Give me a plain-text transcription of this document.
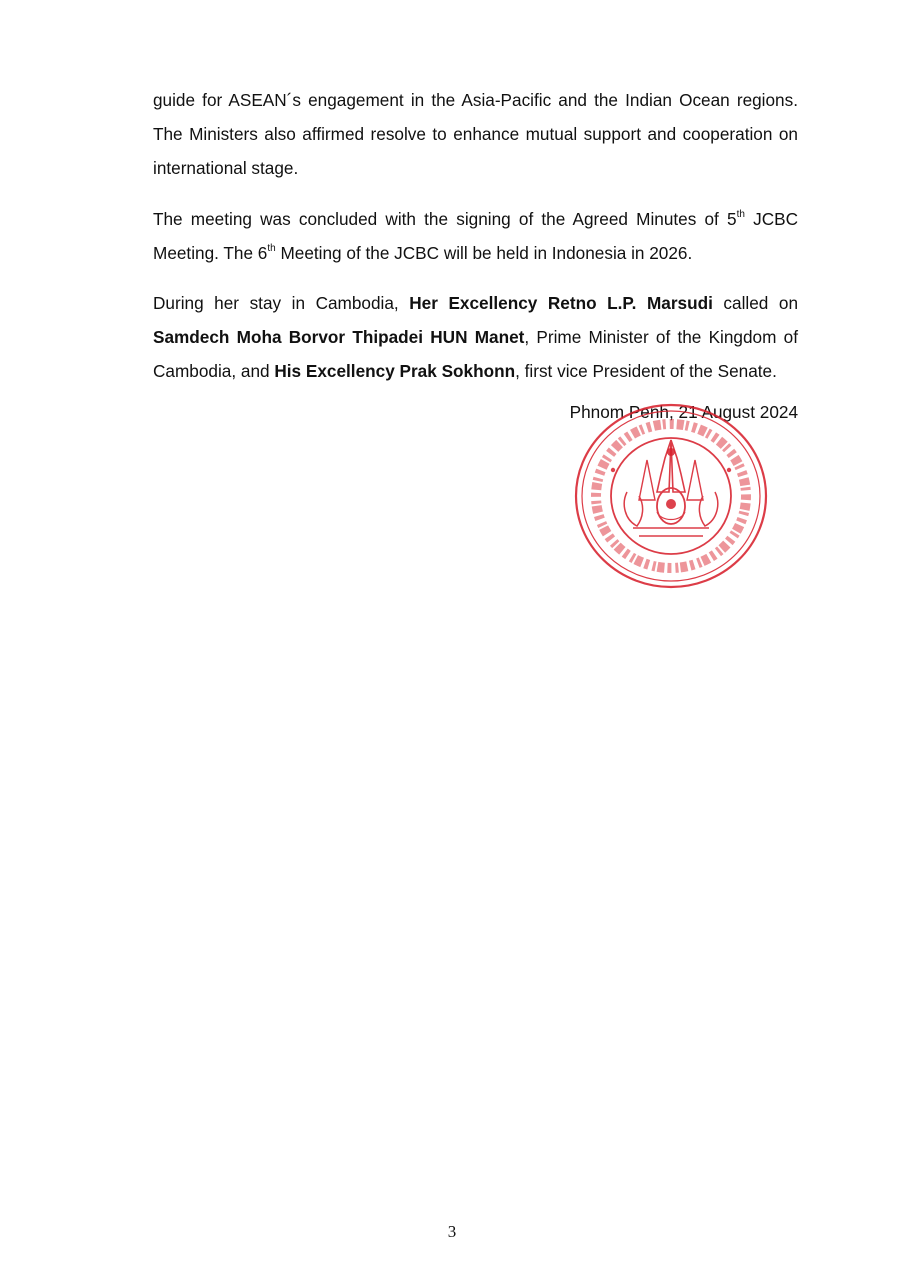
guide for ASEAN´s engagement in the Asia-Pacific and the Indian Ocean regions. The Ministers also affirmed resolve to enhance mutual support and cooperation on international stage.

The meeting was concluded with the signing of the Agreed Minutes of 5th JCBC Meeting. The 6th Meeting of the JCBC will be held in Indonesia in 2026.

During her stay in Cambodia, Her Excellency Retno L.P. Marsudi called on Samdech Moha Borvor Thipadei HUN Manet, Prime Minister of the Kingdom of Cambodia, and His Excellency Prak Sokhonn, first vice President of the Senate.

Phnom Penh, 21 August 2024

3
